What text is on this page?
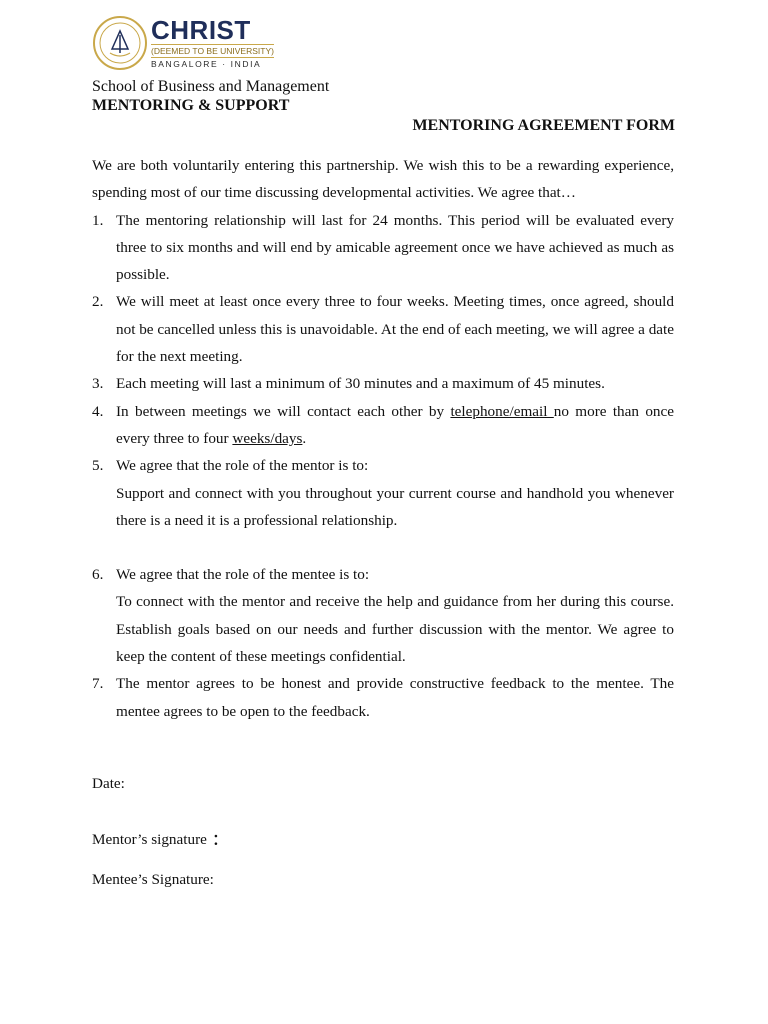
CHRIST
(DEEMED TO BE UNIVERSITY)
BANGALORE · INDIA
School of Business and Management
MENTORING & SUPPORT
MENTORING AGREEMENT FORM

We are both voluntarily entering this partnership. We wish this to be a rewarding experience, spending most of our time discussing developmental activities. We agree that…

1. The mentoring relationship will last for 24 months. This period will be evaluated every three to six months and will end by amicable agreement once we have achieved as much as possible.
2. We will meet at least once every three to four weeks. Meeting times, once agreed, should not be cancelled unless this is unavoidable. At the end of each meeting, we will agree a date for the next meeting.
3. Each meeting will last a minimum of 30 minutes and a maximum of 45 minutes.
4. In between meetings we will contact each other by telephone/email no more than once every three to four weeks/days.
5. We agree that the role of the mentor is to:

Support and connect with you throughout your current course and handhold you whenever there is a need it is a professional relationship.

6. We agree that the role of the mentee is to:

To connect with the mentor and receive the help and guidance from her during this course. Establish goals based on our needs and further discussion with the mentor. We agree to keep the content of these meetings confidential.

7. The mentor agrees to be honest and provide constructive feedback to the mentee. The mentee agrees to be open to the feedback.
Date:
Mentor’s signature :
Mentee’s Signature:
